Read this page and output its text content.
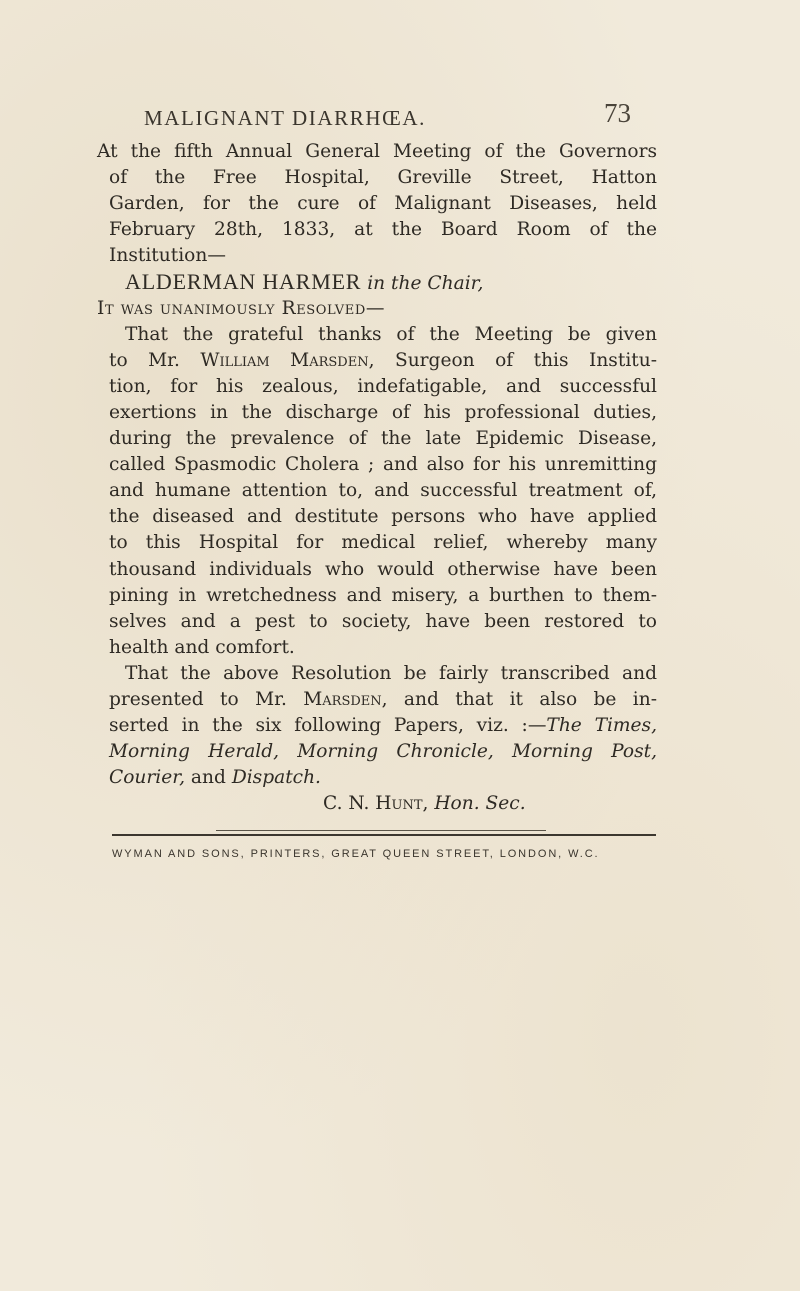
MALIGNANT DIARRHŒA.	73
At the fifth Annual General Meeting of the Governors
of the Free Hospital, Greville Street, Hatton
Garden, for the cure of Malignant Diseases, held
February 28th, 1833, at the Board Room of the
Institution—
ALDERMAN HARMER in the Chair,
It was unanimously Resolved—
That the grateful thanks of the Meeting be given
to Mr. William Marsden, Surgeon of this Institu-
tion, for his zealous, indefatigable, and successful
exertions in the discharge of his professional duties,
during the prevalence of the late Epidemic Disease,
called Spasmodic Cholera ; and also for his unremitting
and humane attention to, and successful treatment of,
the diseased and destitute persons who have applied
to this Hospital for medical relief, whereby many
thousand individuals who would otherwise have been
pining in wretchedness and misery, a burthen to them-
selves and a pest to society, have been restored to
health and comfort.
That the above Resolution be fairly transcribed and
presented to Mr. Marsden, and that it also be in-
serted in the six following Papers, viz. :—The Times,
Morning Herald, Morning Chronicle, Morning Post,
Courier, and Dispatch.
C. N. Hunt, Hon. Sec.
WYMAN AND SONS, PRINTERS, GREAT QUEEN STREET, LONDON, W.C.
